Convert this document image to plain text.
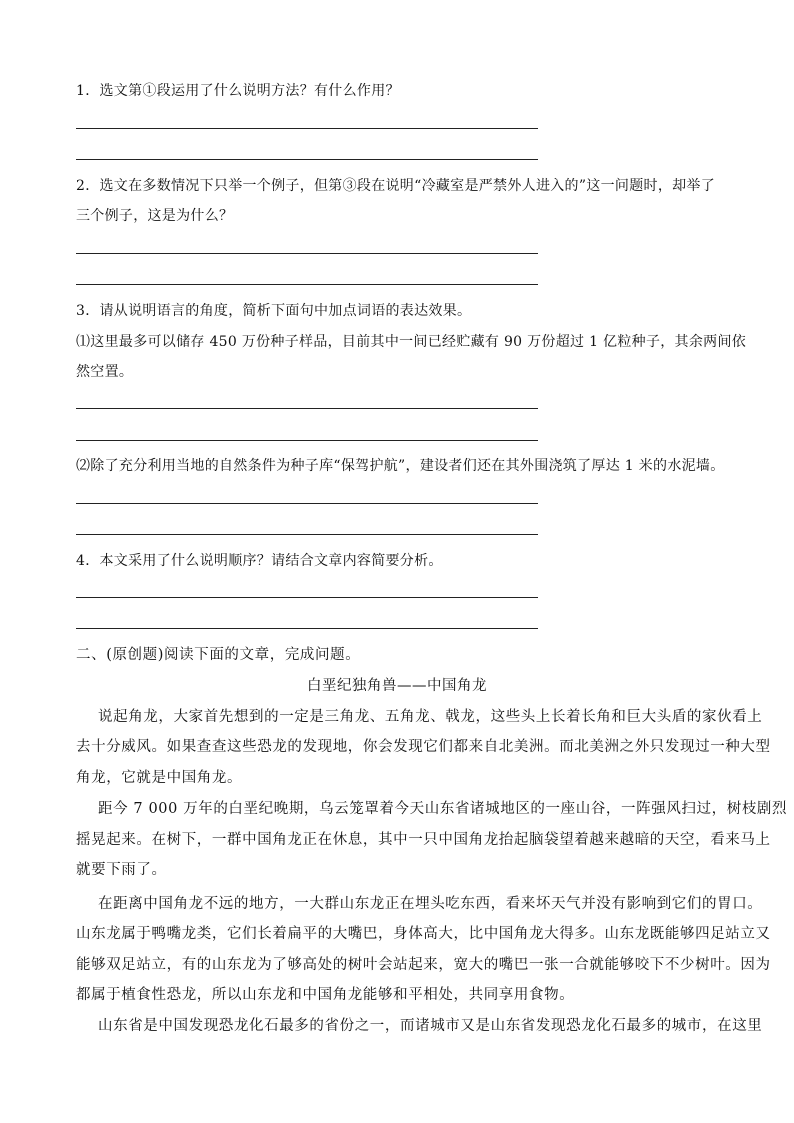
1．选文第①段运用了什么说明方法？有什么作用？
2．选文在多数情况下只举一个例子，但第③段在说明“冷藏室是严禁外人进入的”这一问题时，却举了
三个例子，这是为什么？
3．请从说明语言的角度，简析下面句中加点词语的表达效果。
⑴这里最多可以储存 450 万份种子样品，目前其中一间已经贮藏有 90 万份超过 1 亿粒种子，其余两间依
然空置。
⑵除了充分利用当地的自然条件为种子库“保驾护航”，建设者们还在其外围浇筑了厚达 1 米的水泥墙。
4．本文采用了什么说明顺序？请结合文章内容简要分析。
二、(原创题)阅读下面的文章，完成问题。
白垩纪独角兽——中国角龙
说起角龙，大家首先想到的一定是三角龙、五角龙、戟龙，这些头上长着长角和巨大头盾的家伙看上
去十分威风。如果查查这些恐龙的发现地，你会发现它们都来自北美洲。而北美洲之外只发现过一种大型
角龙，它就是中国角龙。
距今 7 000 万年的白垩纪晚期，乌云笼罩着今天山东省诸城地区的一座山谷，一阵强风扫过，树枝剧烈
摇晃起来。在树下，一群中国角龙正在休息，其中一只中国角龙抬起脑袋望着越来越暗的天空，看来马上
就要下雨了。
在距离中国角龙不远的地方，一大群山东龙正在埋头吃东西，看来坏天气并没有影响到它们的胃口。
山东龙属于鸭嘴龙类，它们长着扁平的大嘴巴，身体高大，比中国角龙大得多。山东龙既能够四足站立又
能够双足站立，有的山东龙为了够高处的树叶会站起来，宽大的嘴巴一张一合就能够咬下不少树叶。因为
都属于植食性恐龙，所以山东龙和中国角龙能够和平相处，共同享用食物。
山东省是中国发现恐龙化石最多的省份之一，而诸城市又是山东省发现恐龙化石最多的城市，在这里
